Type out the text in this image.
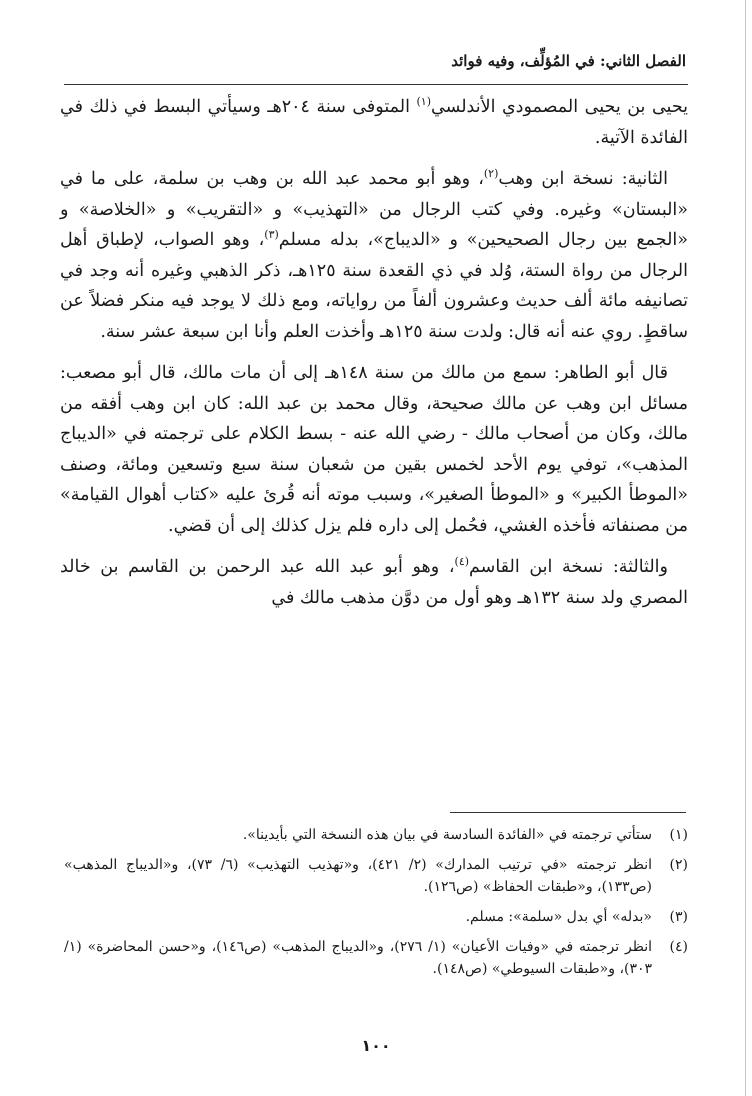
الفصل الثاني: في المُؤلِّف، وفيه فوائد

يحيى بن يحيى المصمودي الأندلسي$^{(١)}$ المتوفى سنة ٢٠٤هـ وسيأتي البسط في ذلك في الفائدة الآتية.

الثانية: نسخة ابن وهب$^{(٢)}$، وهو أبو محمد عبد الله بن وهب بن سلمة، على ما في «البستان» وغيره. وفي كتب الرجال من «التهذيب» و «التقريب» و «الخلاصة» و «الجمع بين رجال الصحيحين» و «الديباج»، بدله مسلم$^{(٣)}$، وهو الصواب، لإطباق أهل الرجال من رواة الستة، وُلد في ذي القعدة سنة ١٢٥هـ، ذكر الذهبي وغيره أنه وجد في تصانيفه مائة ألف حديث وعشرون ألفاً من رواياته، ومع ذلك لا يوجد فيه منكر فضلاً عن ساقطٍ. روي عنه أنه قال: ولدت سنة ١٢٥هـ وأخذت العلم وأنا ابن سبعة عشر سنة.

قال أبو الطاهر: سمع من مالك من سنة ١٤٨هـ إلى أن مات مالك، قال أبو مصعب: مسائل ابن وهب عن مالك صحيحة، وقال محمد بن عبد الله: كان ابن وهب أفقه من مالك، وكان من أصحاب مالك - رضي الله عنه - بسط الكلام على ترجمته في «الديباج المذهب»، توفي يوم الأحد لخمس بقين من شعبان سنة سبع وتسعين ومائة، وصنف «الموطأ الكبير» و «الموطأ الصغير»، وسبب موته أنه قُرئ عليه «كتاب أهوال القيامة» من مصنفاته فأخذه الغشي، فحُمل إلى داره فلم يزل كذلك إلى أن قضي.

والثالثة: نسخة ابن القاسم$^{(٤)}$، وهو أبو عبد الله عبد الرحمن بن القاسم بن خالد المصري ولد سنة ١٣٢هـ وهو أول من دوَّن مذهب مالك في

(١)
ستأتي ترجمته في «الفائدة السادسة في بيان هذه النسخة التي بأيدينا».
(٢)
انظر ترجمته «في ترتيب المدارك» (٢/ ٤٢١)، و«تهذيب التهذيب» (٦/ ٧٣)، و«الديباج المذهب» (ص١٣٣)، و«طبقات الحفاظ» (ص١٢٦).
(٣)
«بدله» أي بدل «سلمة»: مسلم.
(٤)
انظر ترجمته في «وفيات الأعيان» (١/ ٢٧٦)، و«الديباج المذهب» (ص١٤٦)، و«حسن المحاضرة» (١/ ٣٠٣)، و«طبقات السيوطي» (ص١٤٨).
١٠٠
